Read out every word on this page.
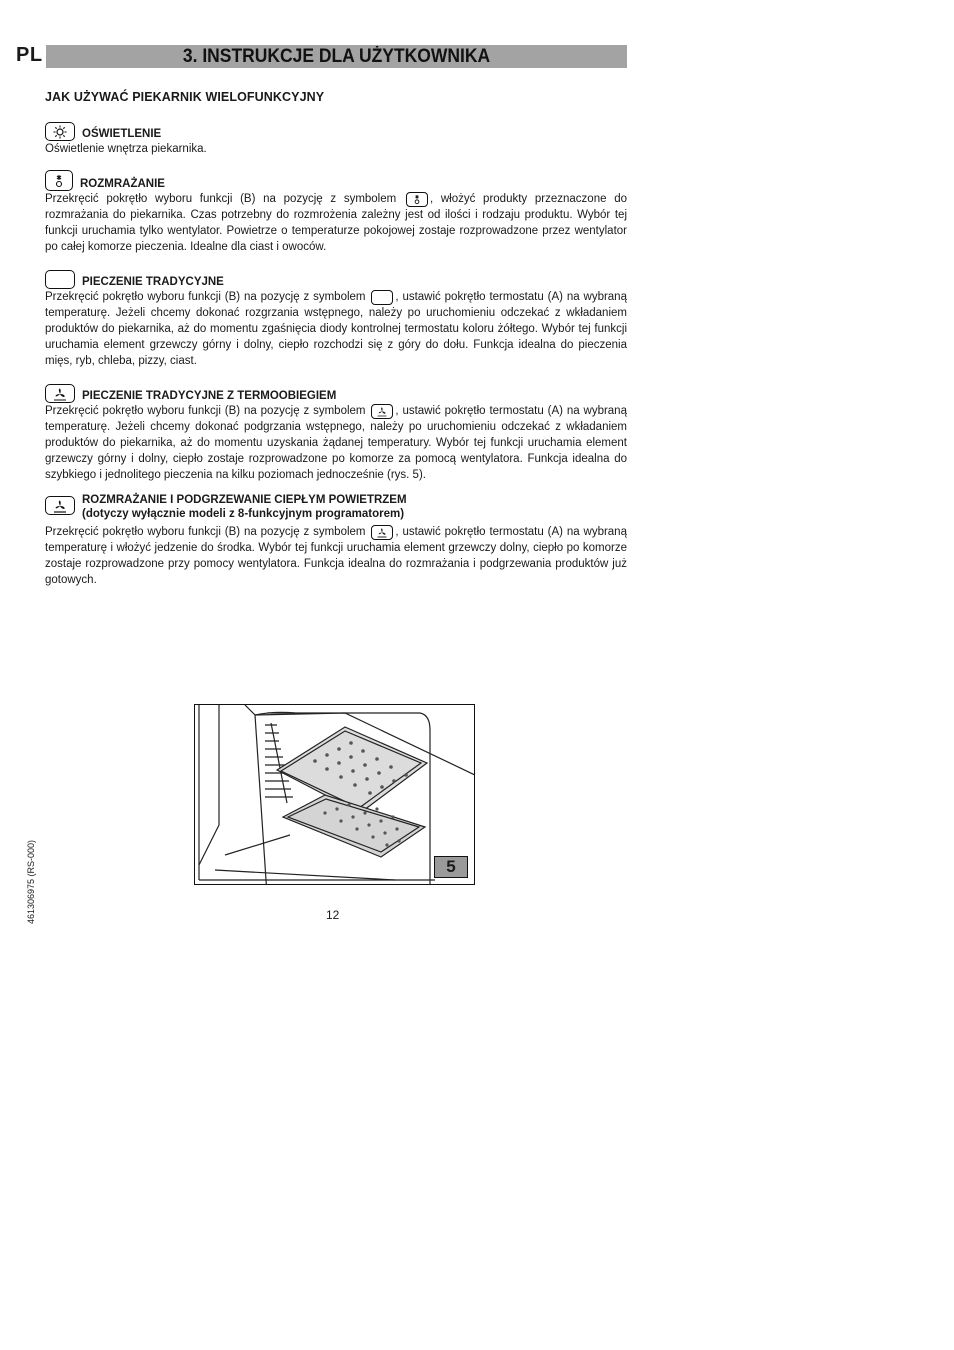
PL	3. INSTRUKCJE DLA UŻYTKOWNIKA
JAK UŻYWAĆ PIEKARNIK WIELOFUNKCYJNY
OŚWIETLENIE

Oświetlenie wnętrza piekarnika.

ROZMRAŻANIE

Przekręcić pokrętło wyboru funkcji (B) na pozycję z symbolem	, włożyć produkty przeznaczone do rozmrażania do piekarnika. Czas potrzebny do rozmrożenia zależny jest od ilości i rodzaju produktu. Wybór tej funkcji uruchamia tylko wentylator. Powietrze o temperaturze pokojowej zostaje rozprowadzone przez wentylator po całej komorze pieczenia. Idealne dla ciast i owoców.

PIECZENIE TRADYCYJNE

Przekręcić pokrętło wyboru funkcji (B) na pozycję z symbolem	, ustawić pokrętło termostatu (A) na wybraną temperaturę. Jeżeli chcemy dokonać rozgrzania wstępnego, należy po uruchomieniu odczekać z wkładaniem produktów do piekarnika, aż do momentu zgaśnięcia diody kontrolnej termostatu koloru żółtego. Wybór tej funkcji uruchamia element grzewczy górny i dolny, ciepło rozchodzi się z góry do dołu. Funkcja idealna do pieczenia mięs, ryb, chleba, pizzy, ciast.

PIECZENIE TRADYCYJNE Z TERMOOBIEGIEM

Przekręcić pokrętło wyboru funkcji (B) na pozycję z symbolem	, ustawić pokrętło termostatu (A) na wybraną temperaturę. Jeżeli chcemy dokonać podgrzania wstępnego, należy po uruchomieniu odczekać z wkładaniem produktów do piekarnika, aż do momentu uzyskania żądanej temperatury. Wybór tej funkcji uruchamia element grzewczy górny i dolny, ciepło zostaje rozprowadzone po komorze za pomocą wentylatora. Funkcja idealna do szybkiego i jednolitego pieczenia na kilku poziomach jednocześnie (rys. 5).

ROZMRAŻANIE I PODGRZEWANIE CIEPŁYM POWIETRZEM
(dotyczy wyłącznie modeli z 8-funkcyjnym programatorem)

Przekręcić pokrętło wyboru funkcji (B) na pozycję z symbolem	, ustawić pokrętło termostatu (A) na wybraną temperaturę i włożyć jedzenie do środka. Wybór tej funkcji uruchamia element grzewczy dolny, ciepło po komorze zostaje rozprowadzone przy pomocy wentylatora. Funkcja idealna do rozmrażania i podgrzewania produktów już gotowych.

5
12
461306975 (RS-000)
